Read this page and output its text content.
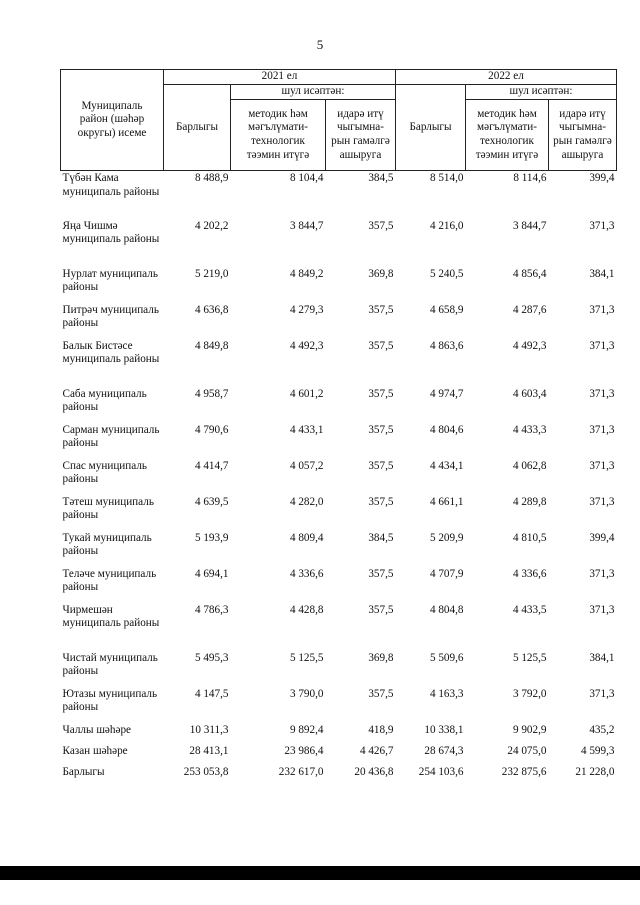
5
Муниципаль район (шәһәр округы) исеме	2021 ел			2022 ел		
	Барлыгы	шул исәптән:		Барлыгы	шул исәптән:	
		методик һәм мәгълүмати-технологик тәэмин итүгә	идарә итү чыгымна-рын гамәлгә ашыруга		методик һәм мәгълүмати-технологик тәэмин итүгә	идарә итү чыгымна-рын гамәлгә ашыруга
Түбән Кама муниципаль районы	8 488,9	8 104,4	384,5	8 514,0	8 114,6	399,4
Яңа Чишмә муниципаль районы	4 202,2	3 844,7	357,5	4 216,0	3 844,7	371,3
Нурлат муниципаль районы	5 219,0	4 849,2	369,8	5 240,5	4 856,4	384,1
Питрәч муниципаль районы	4 636,8	4 279,3	357,5	4 658,9	4 287,6	371,3
Балык Бистәсе муниципаль районы	4 849,8	4 492,3	357,5	4 863,6	4 492,3	371,3
Саба муниципаль районы	4 958,7	4 601,2	357,5	4 974,7	4 603,4	371,3
Сарман муниципаль районы	4 790,6	4 433,1	357,5	4 804,6	4 433,3	371,3
Спас муниципаль районы	4 414,7	4 057,2	357,5	4 434,1	4 062,8	371,3
Тәтеш муниципаль районы	4 639,5	4 282,0	357,5	4 661,1	4 289,8	371,3
Тукай муниципаль районы	5 193,9	4 809,4	384,5	5 209,9	4 810,5	399,4
Теләче муниципаль районы	4 694,1	4 336,6	357,5	4 707,9	4 336,6	371,3
Чирмешән муниципаль районы	4 786,3	4 428,8	357,5	4 804,8	4 433,5	371,3
Чистай муниципаль районы	5 495,3	5 125,5	369,8	5 509,6	5 125,5	384,1
Ютазы муниципаль районы	4 147,5	3 790,0	357,5	4 163,3	3 792,0	371,3
Чаллы шәһәре	10 311,3	9 892,4	418,9	10 338,1	9 902,9	435,2
Казан шәһәре	28 413,1	23 986,4	4 426,7	28 674,3	24 075,0	4 599,3
Барлыгы	253 053,8	232 617,0	20 436,8	254 103,6	232 875,6	21 228,0
